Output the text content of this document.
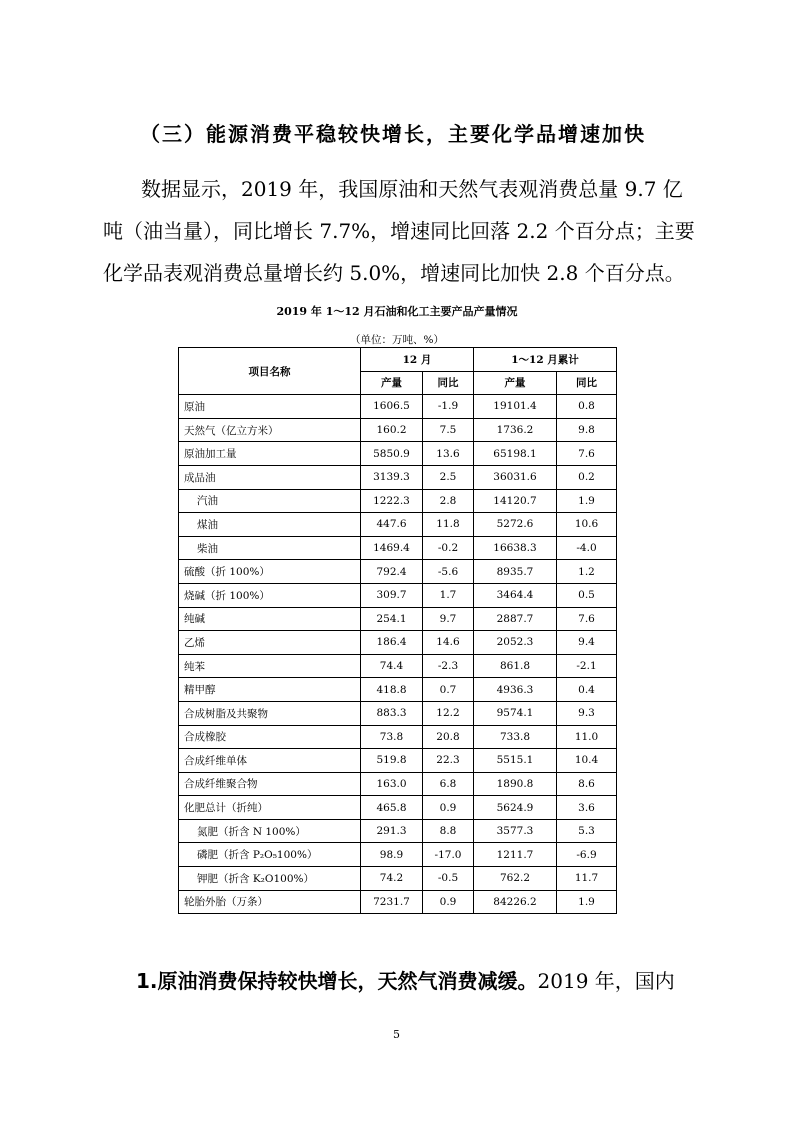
（三）能源消费平稳较快增长，主要化学品增速加快
数据显示，2019 年，我国原油和天然气表观消费总量 9.7 亿
吨（油当量），同比增长 7.7%，增速同比回落 2.2 个百分点；主要
化学品表观消费总量增长约 5.0%，增速同比加快 2.8 个百分点。
2019 年 1～12 月石油和化工主要产品产量情况
（单位：万吨、%）
项目名称	12 月		1～12 月累计	
	产量	同比	产量	同比
原油	1606.5	-1.9	19101.4	0.8
天然气（亿立方米）	160.2	7.5	1736.2	9.8
原油加工量	5850.9	13.6	65198.1	7.6
成品油	3139.3	2.5	36031.6	0.2
汽油	1222.3	2.8	14120.7	1.9
煤油	447.6	11.8	5272.6	10.6
柴油	1469.4	-0.2	16638.3	-4.0
硫酸（折 100%）	792.4	-5.6	8935.7	1.2
烧碱（折 100%）	309.7	1.7	3464.4	0.5
纯碱	254.1	9.7	2887.7	7.6
乙烯	186.4	14.6	2052.3	9.4
纯苯	74.4	-2.3	861.8	-2.1
精甲醇	418.8	0.7	4936.3	0.4
合成树脂及共聚物	883.3	12.2	9574.1	9.3
合成橡胶	73.8	20.8	733.8	11.0
合成纤维单体	519.8	22.3	5515.1	10.4
合成纤维聚合物	163.0	6.8	1890.8	8.6
化肥总计（折纯）	465.8	0.9	5624.9	3.6
氮肥（折含 N 100%）	291.3	8.8	3577.3	5.3
磷肥（折含 P₂O₅100%）	98.9	-17.0	1211.7	-6.9
钾肥（折含 K₂O100%）	74.2	-0.5	762.2	11.7
轮胎外胎（万条）	7231.7	0.9	84226.2	1.9
1.原油消费保持较快增长，天然气消费减缓。2019 年，国内
5
